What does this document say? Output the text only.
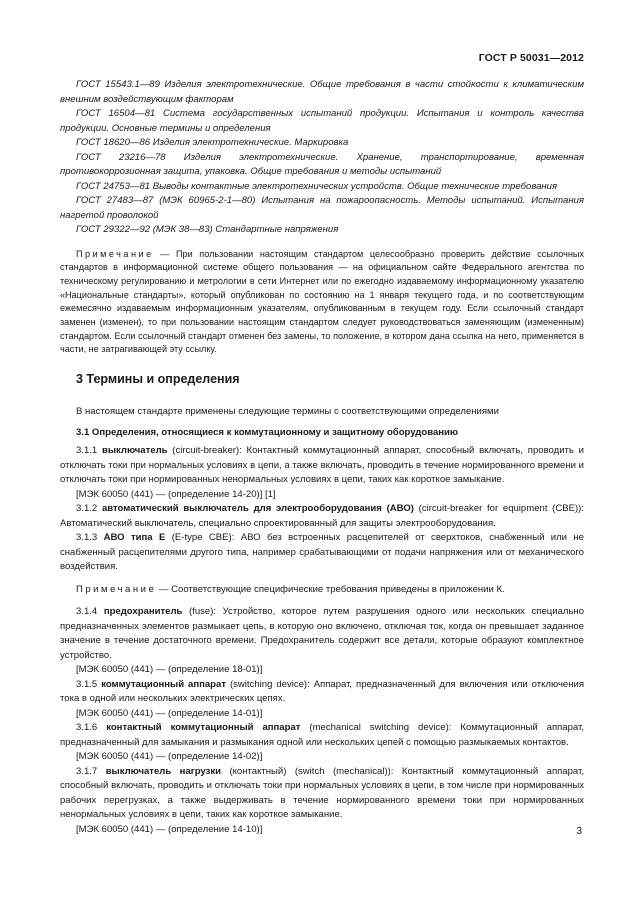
ГОСТ Р 50031—2012

ГОСТ 15543.1—89 Изделия электротехнические. Общие требования в части стойкости к климатическим внешним воздействующим факторам

ГОСТ 16504—81 Система государственных испытаний продукции. Испытания и контроль качества продукции. Основные термины и определения

ГОСТ 18620—86 Изделия электротехнические. Маркировка

ГОСТ 23216—78 Изделия электротехнические. Хранение, транспортирование, временная противокоррозионная защита, упаковка. Общие требования и методы испытаний

ГОСТ 24753—81 Выводы контактные электротехнических устройств. Общие технические требования

ГОСТ 27483—87 (МЭК 60965-2-1—80) Испытания на пожароопасность. Методы испытаний. Испытания нагретой проволокой

ГОСТ 29322—92 (МЭК 38—83) Стандартные напряжения

Примечание — При пользовании настоящим стандартом целесообразно проверить действие ссылочных стандартов в информационной системе общего пользования — на официальном сайте Федерального агентства по техническому регулированию и метрологии в сети Интернет или по ежегодно издаваемому информационному указателю «Национальные стандарты», который опубликован по состоянию на 1 января текущего года, и по соответствующим ежемесячно издаваемым информационным указателям, опубликованным в текущем году. Если ссылочный стандарт заменен (изменен), то при пользовании настоящим стандартом следует руководствоваться заменяющим (измененным) стандартом. Если ссылочный стандарт отменен без замены, то положение, в котором дана ссылка на него, применяется в части, не затрагивающей эту ссылку.

3 Термины и определения

В настоящем стандарте применены следующие термины с соответствующими определениями

3.1 Определения, относящиеся к коммутационному и защитному оборудованию

3.1.1 выключатель (circuit-breaker): Контактный коммутационный аппарат, способный включать, проводить и отключать токи при нормальных условиях в цепи, а также включать, проводить в течение нормированного времени и отключать токи при нормированных ненормальных условиях в цепи, таких как короткое замыкание.

[МЭК 60050 (441) — (определение 14-20)] [1]

3.1.2 автоматический выключатель для электрооборудования (АВО) (circuit-breaker for equipment (CBE)): Автоматический выключатель, специально спроектированный для защиты электрооборудования.

3.1.3 АВО типа Е (E-type CBE): АВО без встроенных расцепителей от сверхтоков, снабженный или не снабженный расцепителями другого типа, например срабатывающими от подачи напряжения или от механического воздействия.

Примечание — Соответствующие специфические требования приведены в приложении К.

3.1.4 предохранитель (fuse): Устройство, которое путем разрушения одного или нескольких специально предназначенных элементов размыкает цепь, в которую оно включено, отключая ток, когда он превышает заданное значение в течение достаточного времени. Предохранитель содержит все детали, которые образуют комплектное устройство.

[МЭК 60050 (441) — (определение 18-01)]

3.1.5 коммутационный аппарат (switching device): Аппарат, предназначенный для включения или отключения тока в одной или нескольких электрических цепях.

[МЭК 60050 (441) — (определение 14-01)]

3.1.6 контактный коммутационный аппарат (mechanical switching device): Коммутационный аппарат, предназначенный для замыкания и размыкания одной или нескольких цепей с помощью размыкаемых контактов.

[МЭК 60050 (441) — (определение 14-02)]

3.1.7 выключатель нагрузки (контактный) (switch (mechanical)): Контактный коммутационный аппарат, способный включать, проводить и отключать токи при нормальных условиях в цепи, в том числе при нормированных рабочих перегрузках, а также выдерживать в течение нормированного времени токи при нормированных ненормальных условиях в цепи, таких как короткое замыкание.

[МЭК 60050 (441) — (определение 14-10)]	3
